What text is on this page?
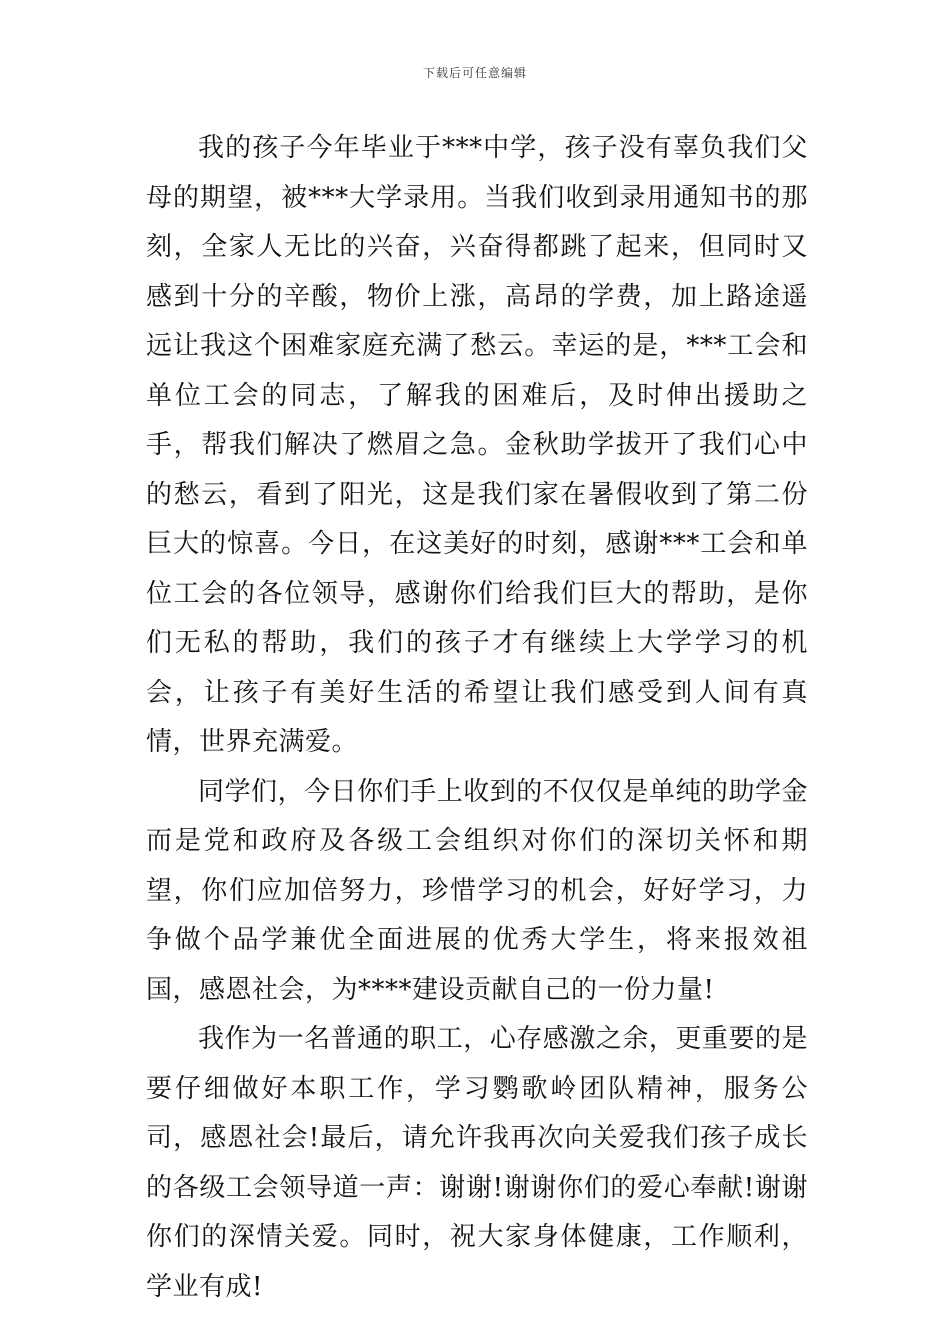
下载后可任意编辑

我的孩子今年毕业于***中学，孩子没有辜负我们父母的期望，被***大学录用。当我们收到录用通知书的那刻，全家人无比的兴奋，兴奋得都跳了起来，但同时又感到十分的辛酸，物价上涨，高昂的学费，加上路途遥远让我这个困难家庭充满了愁云。幸运的是，***工会和单位工会的同志，了解我的困难后，及时伸出援助之手，帮我们解决了燃眉之急。金秋助学拔开了我们心中的愁云，看到了阳光，这是我们家在暑假收到了第二份巨大的惊喜。今日，在这美好的时刻，感谢***工会和单位工会的各位领导，感谢你们给我们巨大的帮助，是你们无私的帮助，我们的孩子才有继续上大学学习的机会，让孩子有美好生活的希望让我们感受到人间有真情，世界充满爱。

同学们，今日你们手上收到的不仅仅是单纯的助学金而是党和政府及各级工会组织对你们的深切关怀和期望，你们应加倍努力，珍惜学习的机会，好好学习，力争做个品学兼优全面进展的优秀大学生，将来报效祖国，感恩社会，为****建设贡献自己的一份力量!

我作为一名普通的职工，心存感激之余，更重要的是要仔细做好本职工作，学习鹦歌岭团队精神，服务公司，感恩社会!最后，请允许我再次向关爱我们孩子成长的各级工会领导道一声：谢谢!谢谢你们的爱心奉献!谢谢你们的深情关爱。同时，祝大家身体健康，工作顺利，学业有成!
